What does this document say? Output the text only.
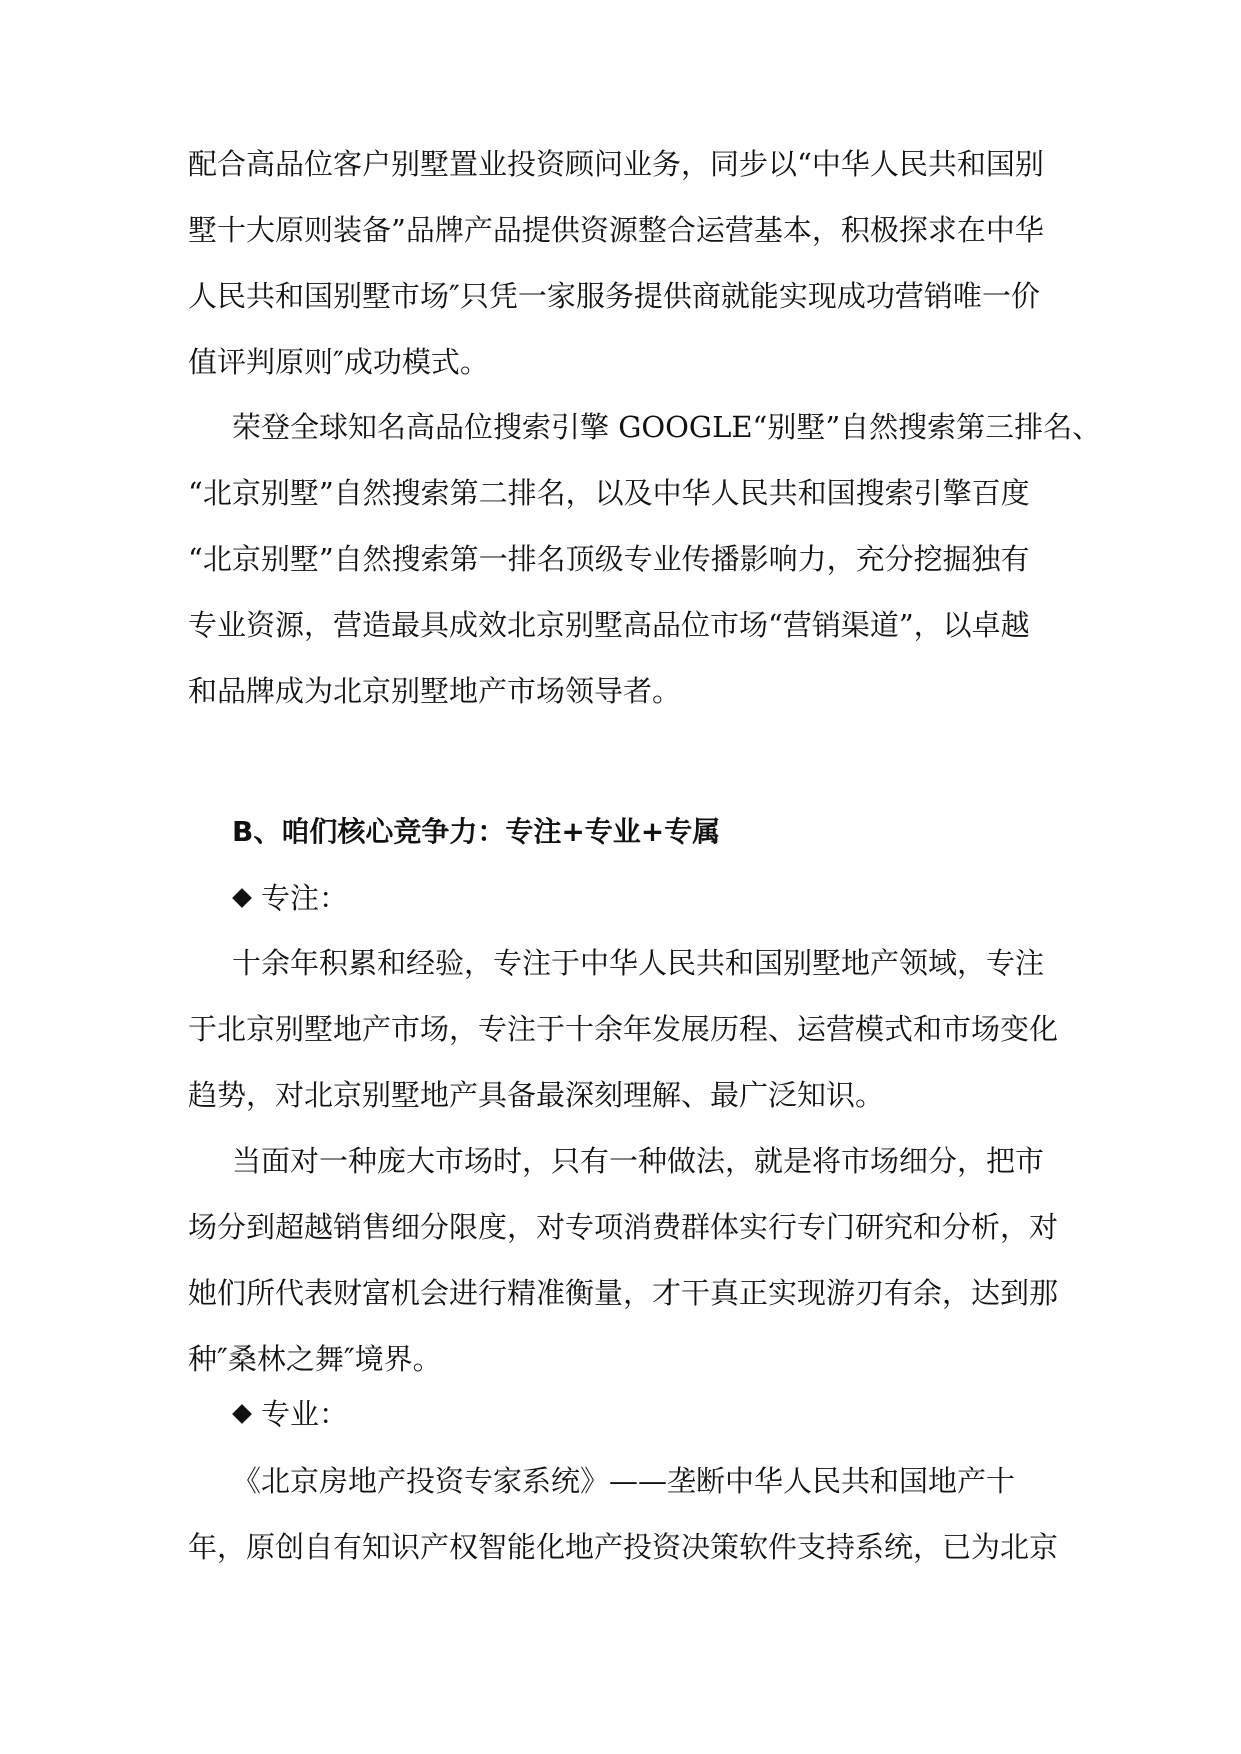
配合高品位客户别墅置业投资顾问业务，同步以“中华人民共和国别
墅十大原则装备”品牌产品提供资源整合运营基本，积极探求在中华
人民共和国别墅市场″只凭一家服务提供商就能实现成功营销唯一价
值评判原则″成功模式。
荣登全球知名高品位搜索引擎 GOOGLE“别墅”自然搜索第三排名、
“北京别墅”自然搜索第二排名，以及中华人民共和国搜索引擎百度
“北京别墅”自然搜索第一排名顶级专业传播影响力，充分挖掘独有
专业资源，营造最具成效北京别墅高品位市场“营销渠道”，以卓越
和品牌成为北京别墅地产市场领导者。
B、咱们核心竞争力：专注+专业+专属
专注：
十余年积累和经验，专注于中华人民共和国别墅地产领域，专注
于北京别墅地产市场，专注于十余年发展历程、运营模式和市场变化
趋势，对北京别墅地产具备最深刻理解、最广泛知识。
当面对一种庞大市场时，只有一种做法，就是将市场细分，把市
场分到超越销售细分限度，对专项消费群体实行专门研究和分析，对
她们所代表财富机会进行精准衡量，才干真正实现游刃有余，达到那
种″桑林之舞″境界。
专业：
《北京房地产投资专家系统》——垄断中华人民共和国地产十
年，原创自有知识产权智能化地产投资决策软件支持系统，已为北京
